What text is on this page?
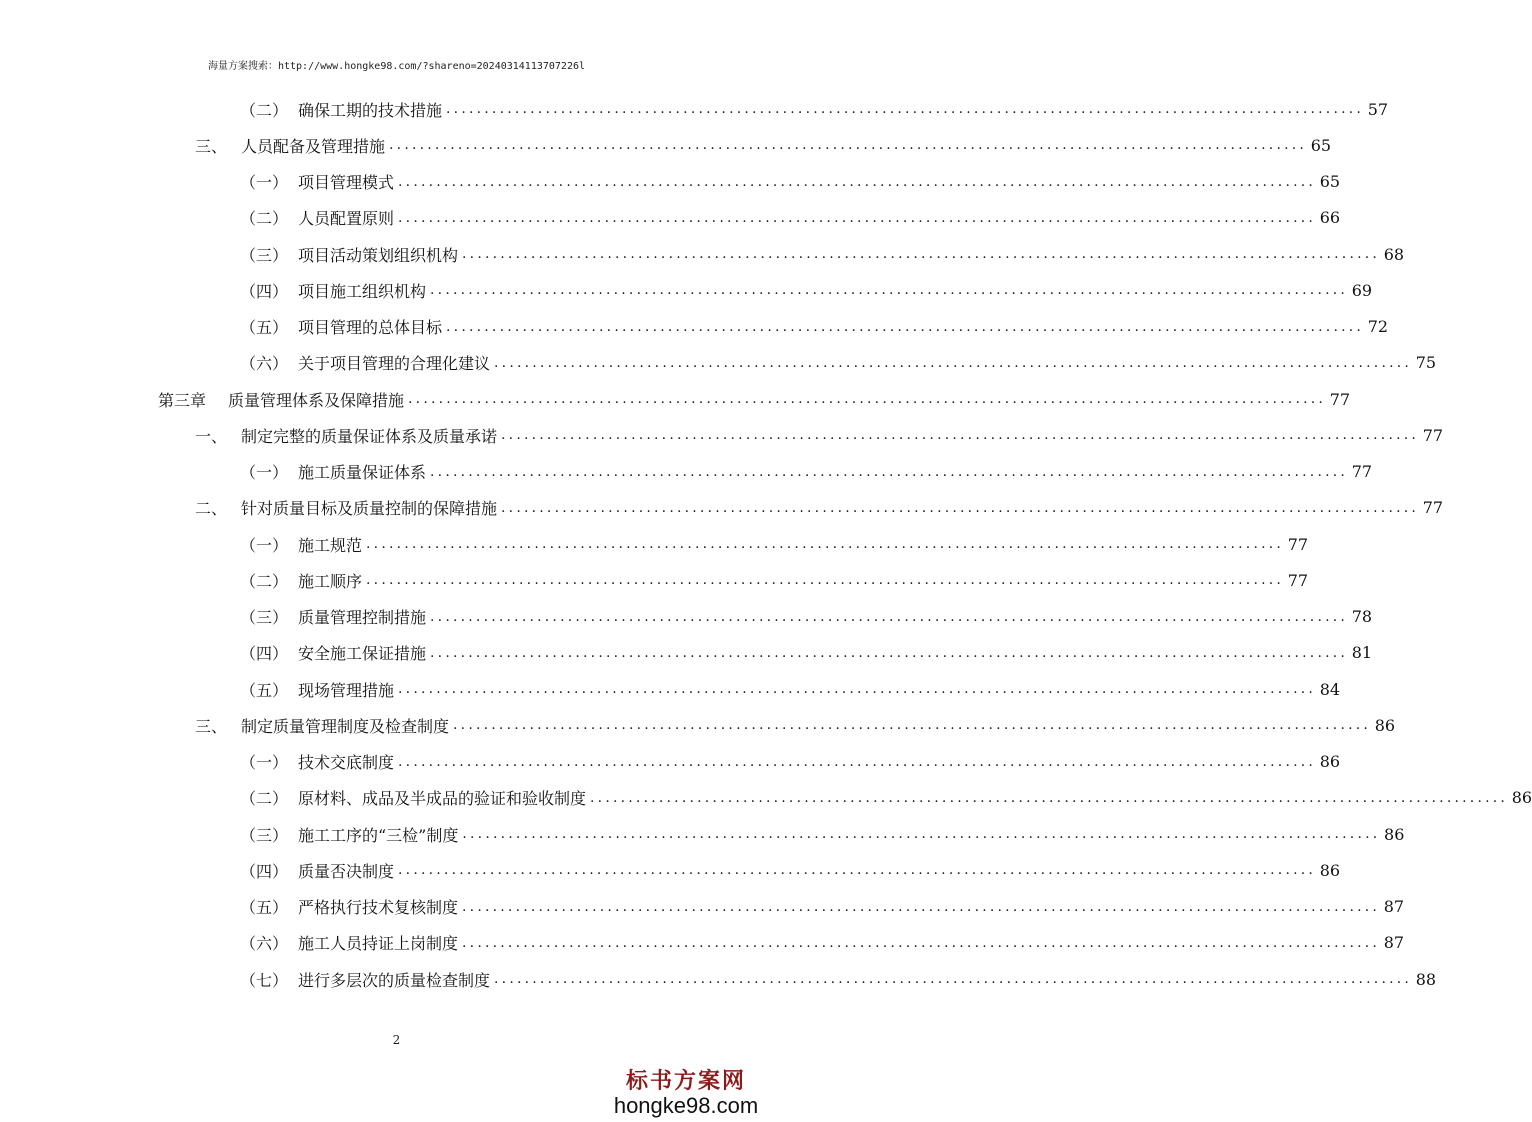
海量方案搜索：http://www.hongke98.com/?shareno=20240314113707226l
（二） 确保工期的技术措施 ........................................................................................................................ 57
三、 人员配备及管理措施 ........................................................................................................................ 65
（一） 项目管理模式 ........................................................................................................................ 65
（二） 人员配置原则 ........................................................................................................................ 66
（三） 项目活动策划组织机构 ........................................................................................................................ 68
（四） 项目施工组织机构 ........................................................................................................................ 69
（五） 项目管理的总体目标 ........................................................................................................................ 72
（六） 关于项目管理的合理化建议 ........................................................................................................................ 75
第三章	质量管理体系及保障措施 ........................................................................................................................ 77
一、 制定完整的质量保证体系及质量承诺 ........................................................................................................................ 77
（一） 施工质量保证体系 ........................................................................................................................ 77
二、 针对质量目标及质量控制的保障措施 ........................................................................................................................ 77
（一） 施工规范 ........................................................................................................................ 77
（二） 施工顺序 ........................................................................................................................ 77
（三） 质量管理控制措施 ........................................................................................................................ 78
（四） 安全施工保证措施 ........................................................................................................................ 81
（五） 现场管理措施 ........................................................................................................................ 84
三、 制定质量管理制度及检查制度 ........................................................................................................................ 86
（一） 技术交底制度 ........................................................................................................................ 86
（二） 原材料、成品及半成品的验证和验收制度 ........................................................................................................................ 86
（三） 施工工序的“三检”制度 ........................................................................................................................ 86
（四） 质量否决制度 ........................................................................................................................ 86
（五） 严格执行技术复核制度 ........................................................................................................................ 87
（六） 施工人员持证上岗制度 ........................................................................................................................ 87
（七） 进行多层次的质量检查制度 ........................................................................................................................ 88
2
标书方案网
hongke98.com
